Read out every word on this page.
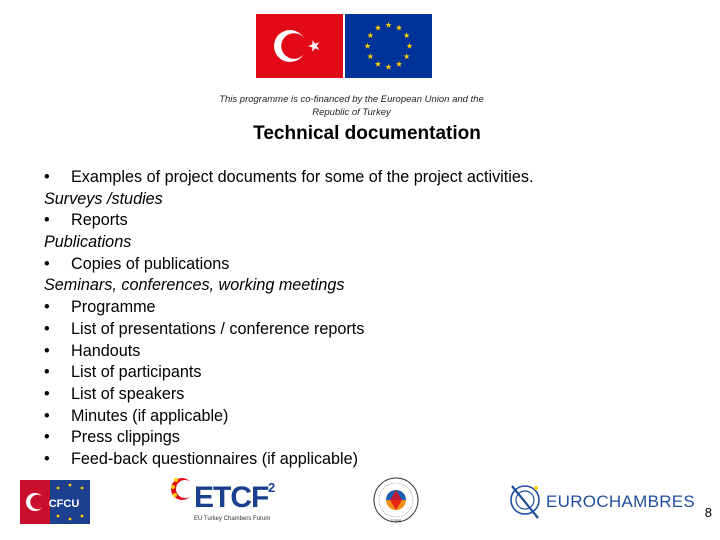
This programme is co-financed by the European Union and the
Republic of Turkey
Technical documentation
• Examples of project documents for some of the project activities.
Surveys /studies
• Reports
Publications
• Copies of publications
Seminars, conferences, working meetings
• Programme
• List of presentations / conference reports
• Handouts
• List of participants
• List of speakers
• Minutes (if applicable)
• Press clippings
• Feed-back questionnaires (if applicable)
CFCU	ETCF 2
EU Turkey Chambers Forum	TOBB
EUROCHAMBRES
8
